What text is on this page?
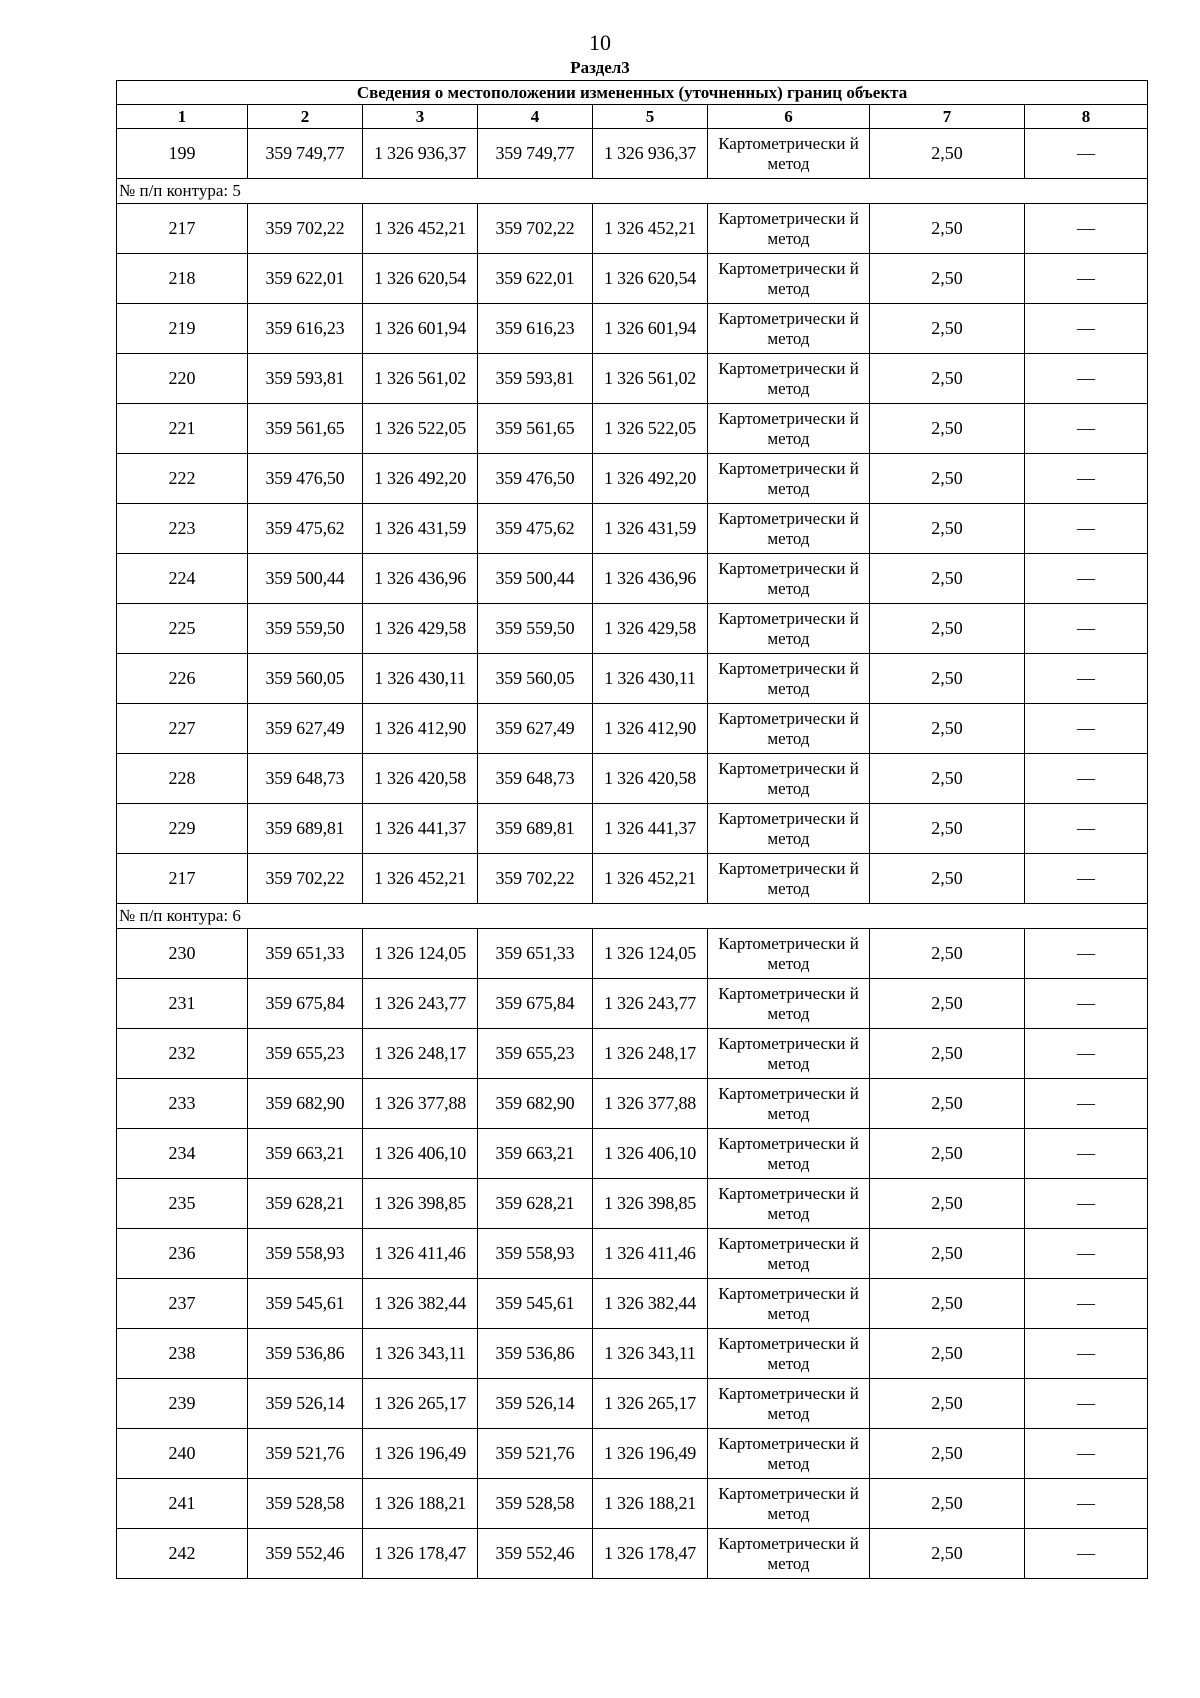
10
Раздел3
Сведения о местоположении измененных (уточненных) границ объекта							
1	2	3	4	5	6	7	8
199	359 749,77	1 326 936,37	359 749,77	1 326 936,37	Картометрически й метод	2,50	—
№ п/п контура: 5							
217	359 702,22	1 326 452,21	359 702,22	1 326 452,21	Картометрически й метод	2,50	—
218	359 622,01	1 326 620,54	359 622,01	1 326 620,54	Картометрически й метод	2,50	—
219	359 616,23	1 326 601,94	359 616,23	1 326 601,94	Картометрически й метод	2,50	—
220	359 593,81	1 326 561,02	359 593,81	1 326 561,02	Картометрически й метод	2,50	—
221	359 561,65	1 326 522,05	359 561,65	1 326 522,05	Картометрически й метод	2,50	—
222	359 476,50	1 326 492,20	359 476,50	1 326 492,20	Картометрически й метод	2,50	—
223	359 475,62	1 326 431,59	359 475,62	1 326 431,59	Картометрически й метод	2,50	—
224	359 500,44	1 326 436,96	359 500,44	1 326 436,96	Картометрически й метод	2,50	—
225	359 559,50	1 326 429,58	359 559,50	1 326 429,58	Картометрически й метод	2,50	—
226	359 560,05	1 326 430,11	359 560,05	1 326 430,11	Картометрически й метод	2,50	—
227	359 627,49	1 326 412,90	359 627,49	1 326 412,90	Картометрически й метод	2,50	—
228	359 648,73	1 326 420,58	359 648,73	1 326 420,58	Картометрически й метод	2,50	—
229	359 689,81	1 326 441,37	359 689,81	1 326 441,37	Картометрически й метод	2,50	—
217	359 702,22	1 326 452,21	359 702,22	1 326 452,21	Картометрически й метод	2,50	—
№ п/п контура: 6							
230	359 651,33	1 326 124,05	359 651,33	1 326 124,05	Картометрически й метод	2,50	—
231	359 675,84	1 326 243,77	359 675,84	1 326 243,77	Картометрически й метод	2,50	—
232	359 655,23	1 326 248,17	359 655,23	1 326 248,17	Картометрически й метод	2,50	—
233	359 682,90	1 326 377,88	359 682,90	1 326 377,88	Картометрически й метод	2,50	—
234	359 663,21	1 326 406,10	359 663,21	1 326 406,10	Картометрически й метод	2,50	—
235	359 628,21	1 326 398,85	359 628,21	1 326 398,85	Картометрически й метод	2,50	—
236	359 558,93	1 326 411,46	359 558,93	1 326 411,46	Картометрически й метод	2,50	—
237	359 545,61	1 326 382,44	359 545,61	1 326 382,44	Картометрически й метод	2,50	—
238	359 536,86	1 326 343,11	359 536,86	1 326 343,11	Картометрически й метод	2,50	—
239	359 526,14	1 326 265,17	359 526,14	1 326 265,17	Картометрически й метод	2,50	—
240	359 521,76	1 326 196,49	359 521,76	1 326 196,49	Картометрически й метод	2,50	—
241	359 528,58	1 326 188,21	359 528,58	1 326 188,21	Картометрически й метод	2,50	—
242	359 552,46	1 326 178,47	359 552,46	1 326 178,47	Картометрически й метод	2,50	—
